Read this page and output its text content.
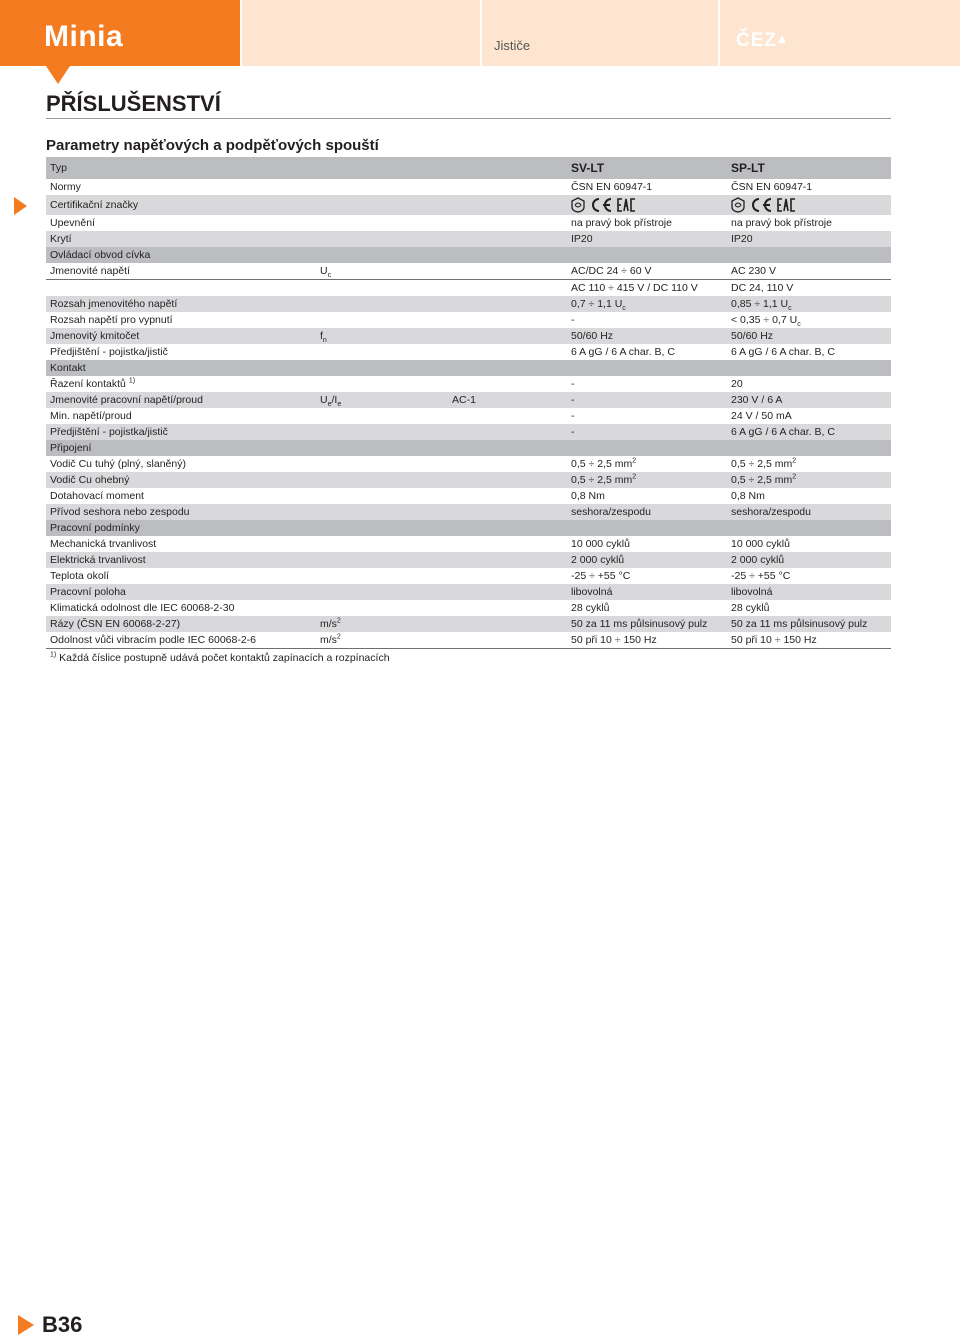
Minia	Jističe	ČEZ
PŘÍSLUŠENSTVÍ
Parametry napěťových a podpěťových spouští
Typ			SV-LT	SP-LT
Normy			ČSN EN 60947-1	ČSN EN 60947-1
Certifikační značky			

Upevnění			na pravý bok přístroje	na pravý bok přístroje
Krytí			IP20	IP20
Ovládací obvod cívka				
Jmenovité napětí	$U_c$		AC/DC 24 ÷ 60 V	AC 230 V
			AC 110 ÷ 415 V / DC 110 V	DC 24, 110 V
Rozsah jmenovitého napětí			0,7 ÷ 1,1 $U_c$	0,85 ÷ 1,1 $U_c$
Rozsah napětí pro vypnutí			-	< 0,35 ÷ 0,7 $U_c$
Jmenovitý kmitočet	$f_n$		50/60 Hz	50/60 Hz
Předjištění - pojistka/jistič			6 A gG / 6 A char. B, C	6 A gG / 6 A char. B, C
Kontakt				
Řazení kontaktů $^{1)}$			-	20
Jmenovité pracovní napětí/proud	$U_e/I_e$	AC-1	-	230 V / 6 A
Min. napětí/proud			-	24 V / 50 mA
Předjištění - pojistka/jistič			-	6 A gG / 6 A char. B, C
Připojení				
Vodič Cu tuhý (plný, slaněný)			0,5 ÷ 2,5 $mm^2$	0,5 ÷ 2,5 $mm^2$
Vodič Cu ohebný			0,5 ÷ 2,5 $mm^2$	0,5 ÷ 2,5 $mm^2$
Dotahovací moment			0,8 Nm	0,8 Nm
Přívod seshora nebo zespodu			seshora/zespodu	seshora/zespodu
Pracovní podmínky				
Mechanická trvanlivost			10 000 cyklů	10 000 cyklů
Elektrická trvanlivost			2 000 cyklů	2 000 cyklů
Teplota okolí			-25 ÷ +55 °C	-25 ÷ +55 °C
Pracovní poloha			libovolná	libovolná
Klimatická odolnost dle IEC 60068-2-30			28 cyklů	28 cyklů
Rázy (ČSN EN 60068-2-27)	$m/s^2$		50 za 11 ms půlsinusový pulz	50 za 11 ms půlsinusový pulz
Odolnost vůči vibracím podle IEC 60068-2-6	$m/s^2$		50 při 10 ÷ 150 Hz	50 při 10 ÷ 150 Hz
$^{1)}$ Každá číslice postupně udává počet kontaktů zapínacích a rozpínacích
B36
